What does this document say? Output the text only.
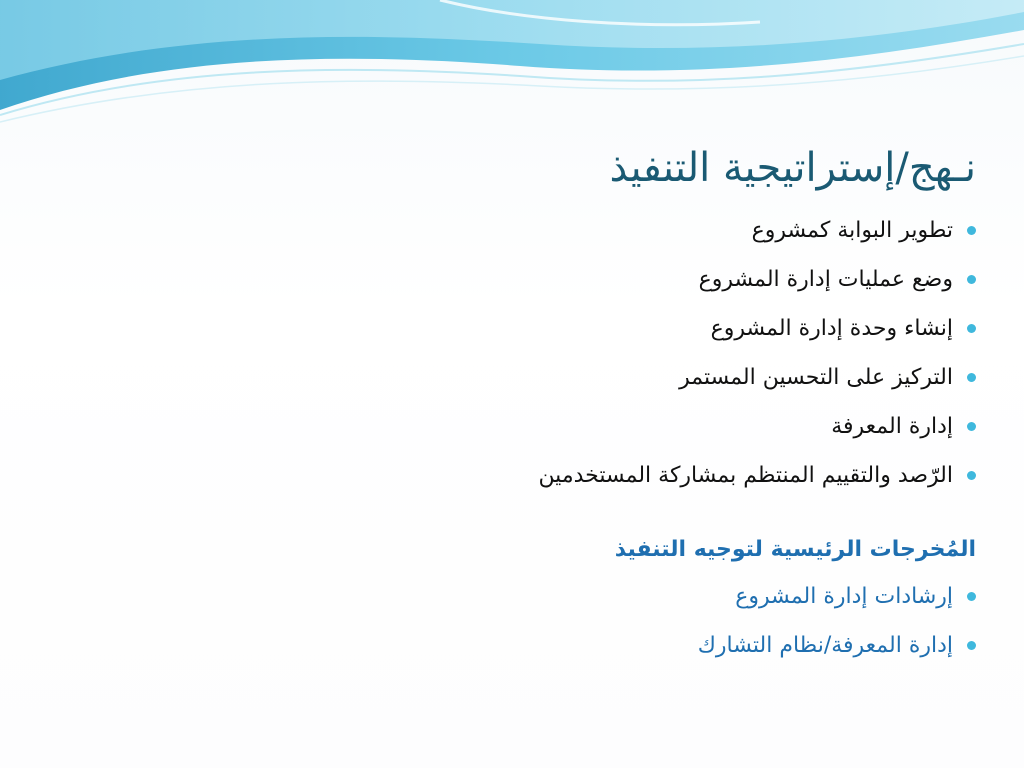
نـهج/إستراتيجية التنفيذ
تطوير البوابة كمشروع
وضع عمليات إدارة المشروع
إنشاء وحدة إدارة المشروع
التركيز على التحسين المستمر
إدارة المعرفة
الرّصد والتقييم المنتظم بمشاركة المستخدمين
المُخرجات الرئيسية لتوجيه التنفيذ
إرشادات إدارة المشروع
إدارة المعرفة/نظام التشارك
